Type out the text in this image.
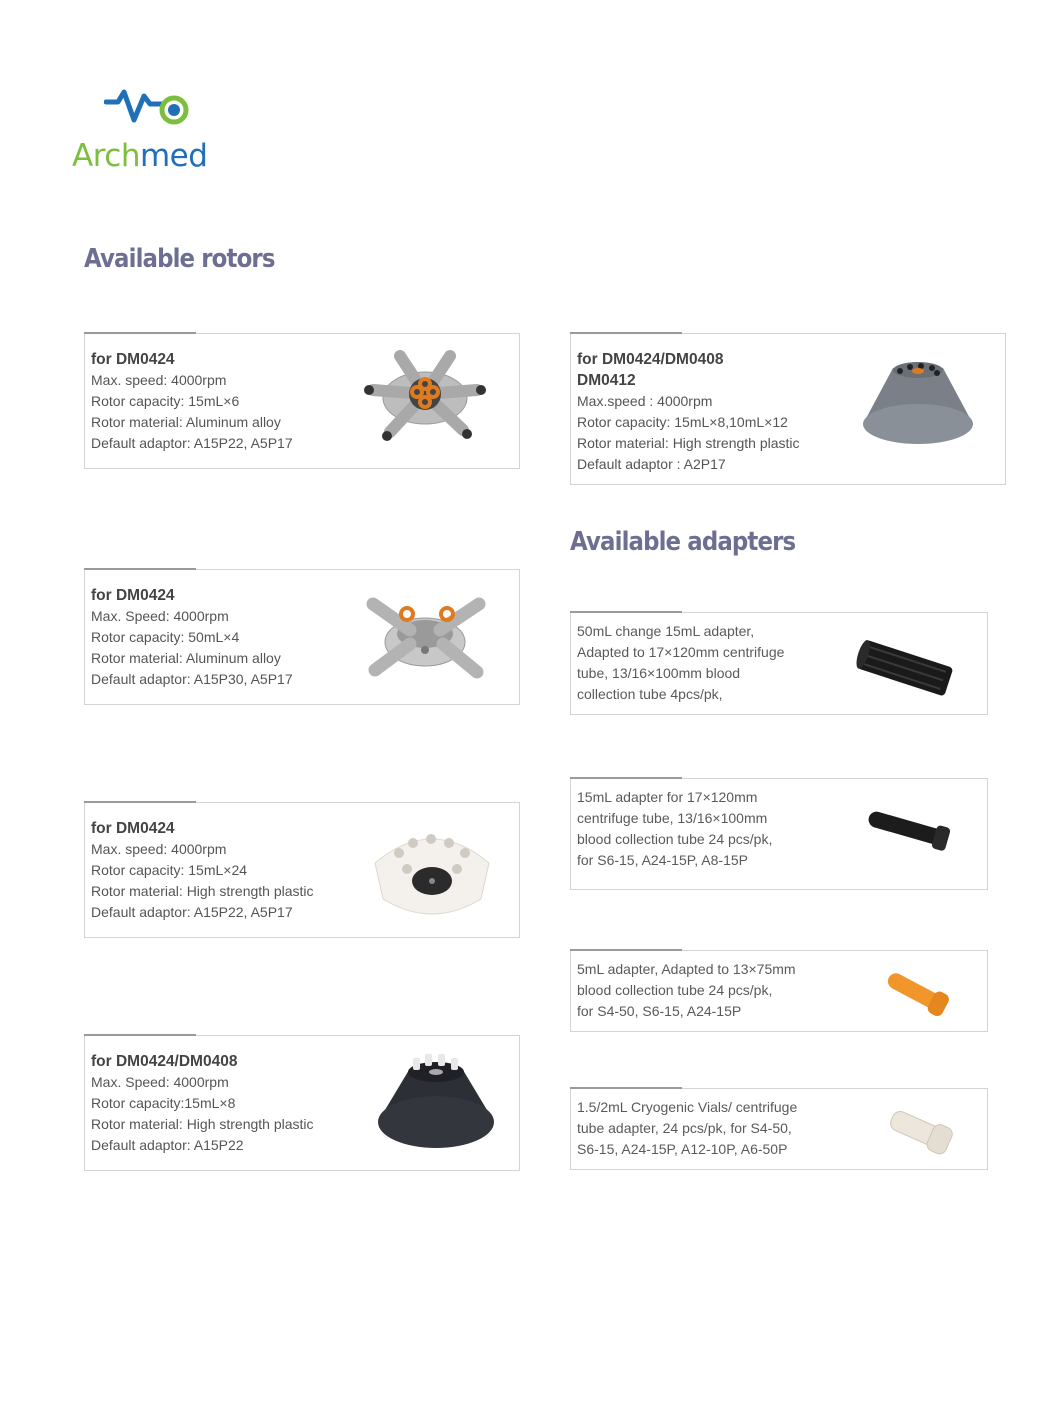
Archmed
Available rotors
Available adapters
for DM0424
Max. speed: 4000rpm
Rotor capacity: 15mL×6
Rotor material: Aluminum alloy
Default adaptor: A15P22, A5P17
for DM0424/DM0408
DM0412
Max.speed : 4000rpm
Rotor capacity: 15mL×8,10mL×12
Rotor material: High strength plastic
Default adaptor : A2P17
for DM0424
Max. Speed: 4000rpm
Rotor capacity: 50mL×4
Rotor material: Aluminum alloy
Default adaptor: A15P30, A5P17
for DM0424
Max. speed: 4000rpm
Rotor capacity: 15mL×24
Rotor material: High strength plastic
Default adaptor: A15P22, A5P17
for DM0424/DM0408
Max. Speed: 4000rpm
Rotor capacity:15mL×8
Rotor material: High strength plastic
Default adaptor: A15P22
50mL change 15mL adapter,
Adapted to 17×120mm centrifuge
tube, 13/16×100mm blood
collection tube 4pcs/pk,
15mL adapter for 17×120mm
centrifuge tube, 13/16×100mm
blood collection tube 24 pcs/pk,
for S6-15, A24-15P, A8-15P
5mL adapter, Adapted to 13×75mm
blood collection tube 24 pcs/pk,
for S4-50, S6-15, A24-15P
1.5/2mL Cryogenic Vials/ centrifuge
tube adapter, 24 pcs/pk, for S4-50,
S6-15, A24-15P, A12-10P, A6-50P
